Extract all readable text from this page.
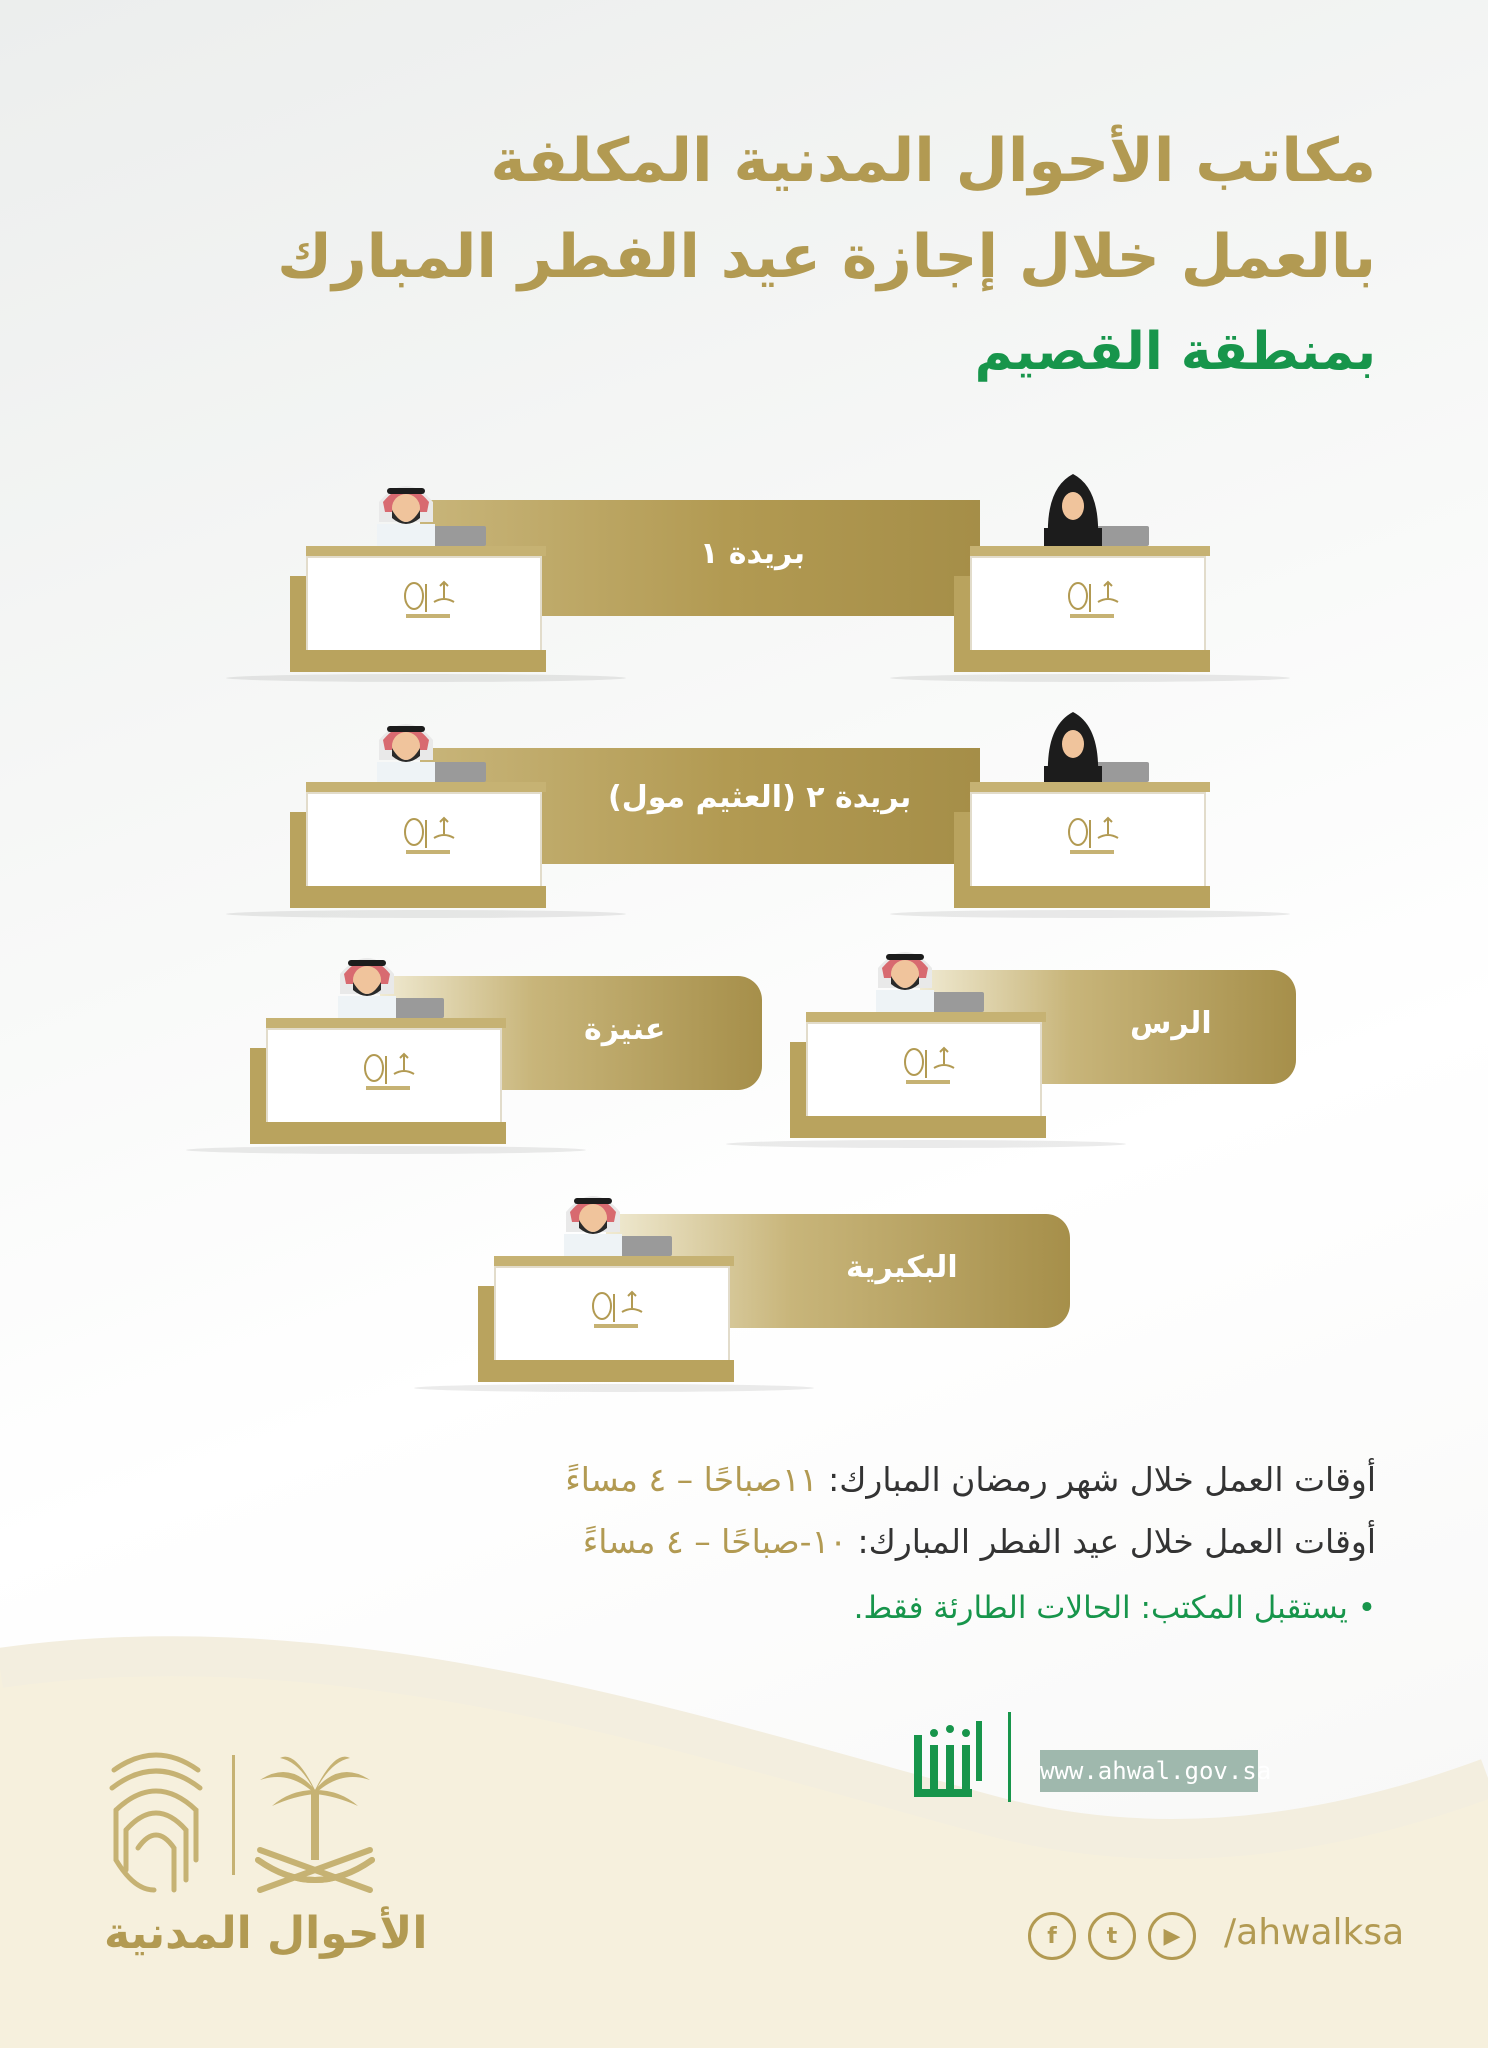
مكاتب الأحوال المدنية المكلفة
بالعمل خلال إجازة عيد الفطر المبارك
بمنطقة القصيم
بريدة ١
بريدة ٢ (العثيم مول)
عنيزة	الرس
البكيرية
أوقات العمل خلال شهر رمضان المبارك: ١١صباحًا – ٤ مساءً
أوقات العمل خلال عيد الفطر المبارك: ١٠-صباحًا – ٤ مساءً
• يستقبل المكتب: الحالات الطارئة فقط.
www.ahwal.gov.sa
الأحوال المدنية	f	t	▶	/ahwalksa
